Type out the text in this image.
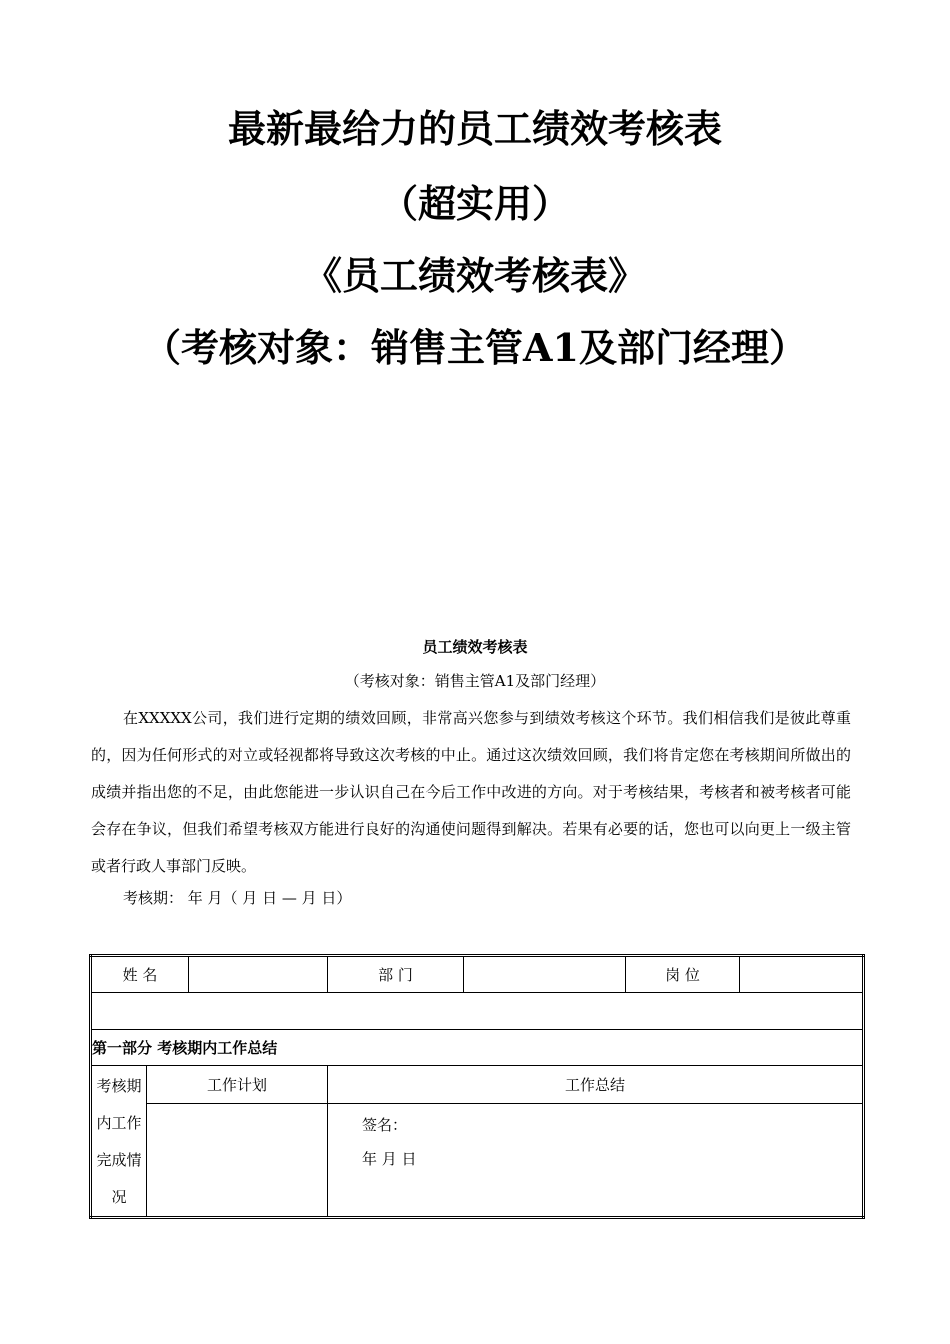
最新最给力的员工绩效考核表
（超实用）
《员工绩效考核表》
（考核对象：销售主管A1及部门经理）
员工绩效考核表
（考核对象：销售主管A1及部门经理）

在XXXXX公司，我们进行定期的绩效回顾，非常高兴您参与到绩效考核这个环节。我们相信我们是彼此尊重的，因为任何形式的对立或轻视都将导致这次考核的中止。通过这次绩效回顾，我们将肯定您在考核期间所做出的成绩并指出您的不足，由此您能进一步认识自己在今后工作中改进的方向。对于考核结果，考核者和被考核者可能会存在争议，但我们希望考核双方能进行良好的沟通使问题得到解决。若果有必要的话，您也可以向更上一级主管或者行政人事部门反映。

考核期： 年 月（ 月 日 — 月 日）
姓 名			部 门		岗 位	

第一部分 考核期内工作总结						
考核期内工作完成情况	工作计划		工作总结			

			签名：
年 月 日			
